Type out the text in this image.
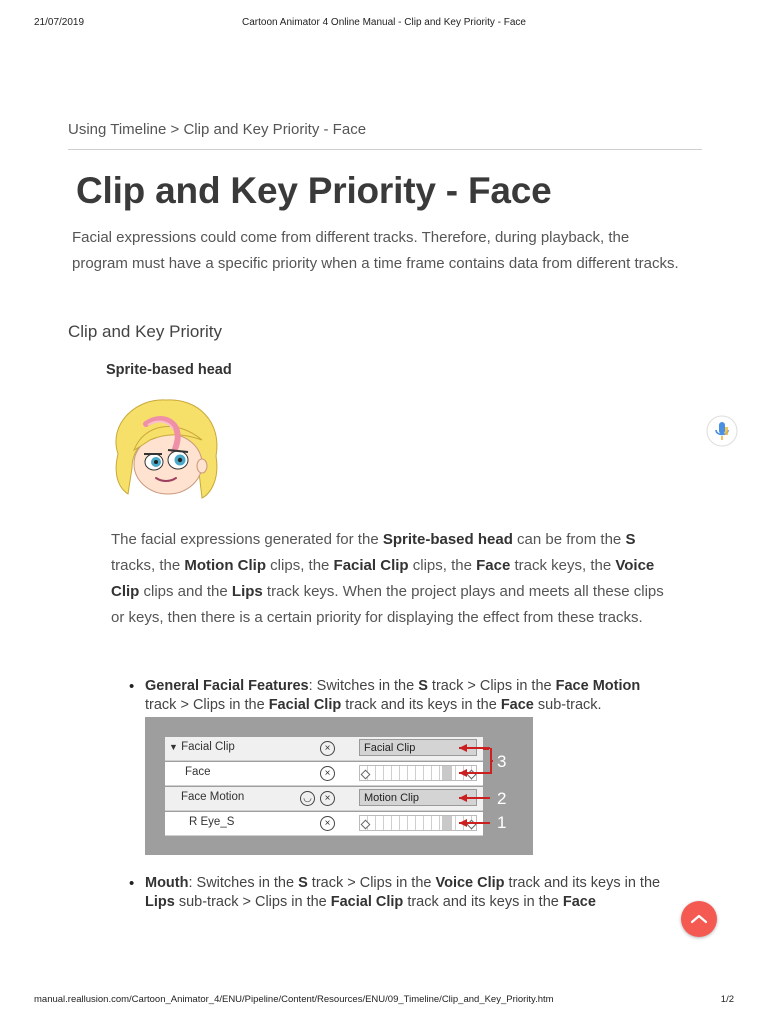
21/07/2019	Cartoon Animator 4 Online Manual - Clip and Key Priority - Face
Using Timeline > Clip and Key Priority - Face
Clip and Key Priority - Face

Facial expressions could come from different tracks. Therefore, during playback, the program must have a specific priority when a time frame contains data from different tracks.

Clip and Key Priority

Sprite-based head

The facial expressions generated for the Sprite-based head can be from the S tracks, the Motion Clip clips, the Facial Clip clips, the Face track keys, the Voice Clip clips and the Lips track keys. When the project plays and meets all these clips or keys, then there is a certain priority for displaying the effect from these tracks.

• General Facial Features: Switches in the S track > Clips in the Face Motion track > Clips in the Facial Clip track and its keys in the Face sub-track.
• Mouth: Switches in the S track > Clips in the Voice Clip track and its keys in the Lips sub-track > Clips in the Facial Clip track and its keys in the Face
▼ Facial Clip	×	Facial Clip
Face	×
Face Motion	◡	×	Motion Clip
R Eye_S	×
3
2
1
manual.reallusion.com/Cartoon_Animator_4/ENU/Pipeline/Content/Resources/ENU/09_Timeline/Clip_and_Key_Priority.htm	1/2
